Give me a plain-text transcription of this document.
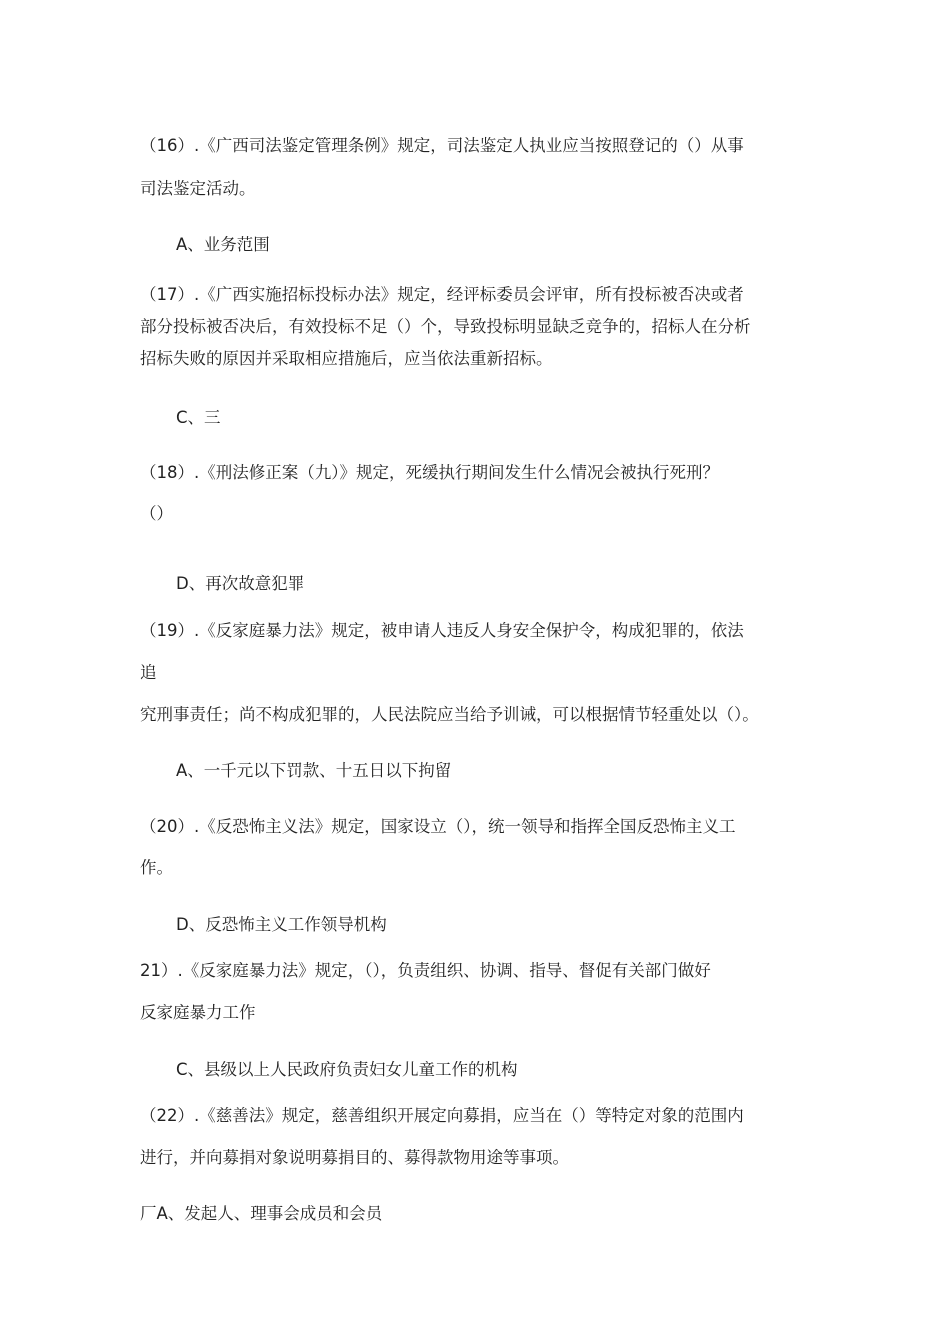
（16）.《广西司法鉴定管理条例》规定，司法鉴定人执业应当按照登记的（）从事
司法鉴定活动。
A、业务范围
（17）.《广西实施招标投标办法》规定，经评标委员会评审，所有投标被否决或者
部分投标被否决后，有效投标不足（）个，导致投标明显缺乏竞争的，招标人在分析
招标失败的原因并采取相应措施后，应当依法重新招标。
C、三
（18）.《刑法修正案（九）》规定，死缓执行期间发生什么情况会被执行死刑？
（）
D、再次故意犯罪
（19）.《反家庭暴力法》规定，被申请人违反人身安全保护令，构成犯罪的，依法
追
究刑事责任；尚不构成犯罪的，人民法院应当给予训诫，可以根据情节轻重处以（）。
A、一千元以下罚款、十五日以下拘留
（20）.《反恐怖主义法》规定，国家设立（），统一领导和指挥全国反恐怖主义工
作。
D、反恐怖主义工作领导机构
21）.《反家庭暴力法》规定，（），负责组织、协调、指导、督促有关部门做好
反家庭暴力工作
C、县级以上人民政府负责妇女儿童工作的机构
（22）.《慈善法》规定，慈善组织开展定向募捐，应当在（）等特定对象的范围内
进行，并向募捐对象说明募捐目的、募得款物用途等事项。
厂A、发起人、理事会成员和会员
